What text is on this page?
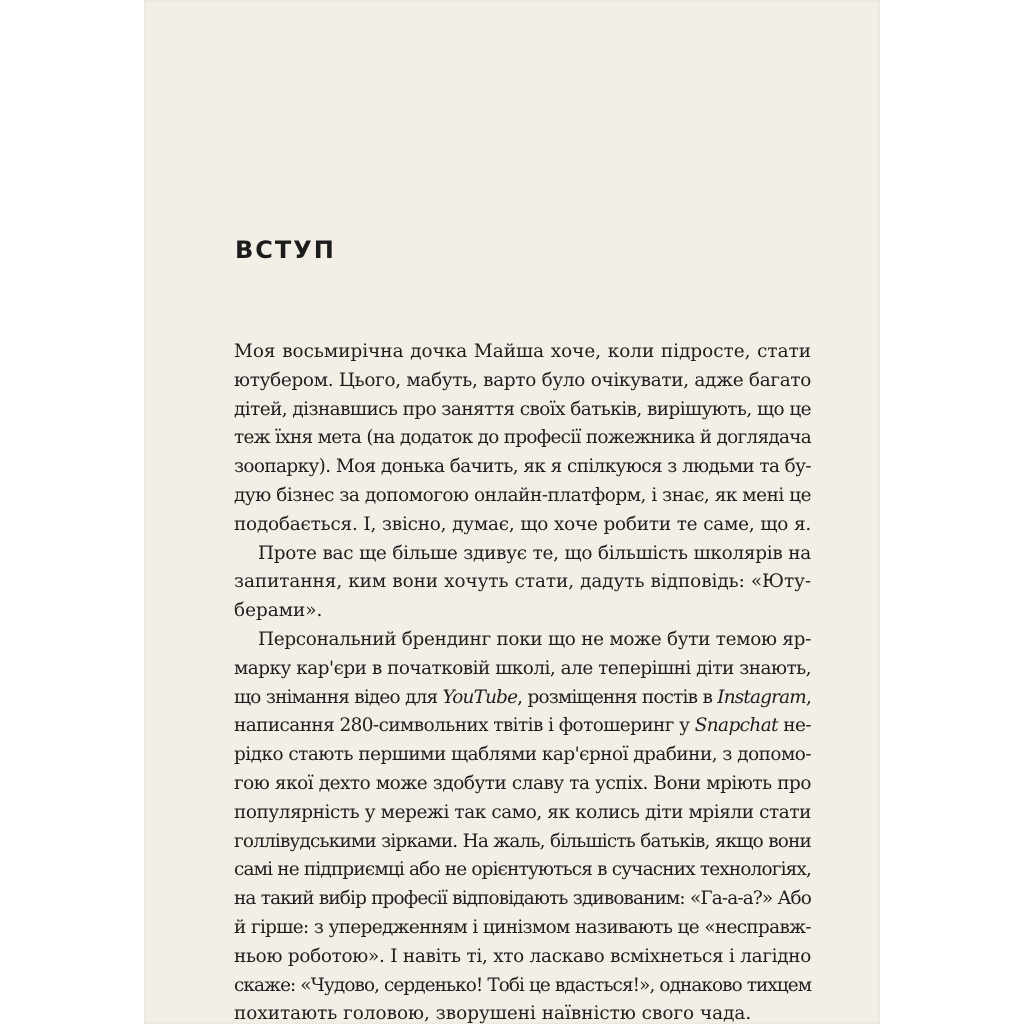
ВСТУП
Моя восьмирічна дочка Майша хоче, коли підросте, стати
ютубером. Цього, мабуть, варто було очікувати, адже багато
дітей, дізнавшись про заняття своїх батьків, вирішують, що це
теж їхня мета (на додаток до професії пожежника й доглядача
зоопарку). Моя донька бачить, як я спілкуюся з людьми та бу-
дую бізнес за допомогою онлайн-платформ, і знає, як мені це
подобається. І, звісно, думає, що хоче робити те саме, що я.
Проте вас ще більше здивує те, що більшість школярів на
запитання, ким вони хочуть стати, дадуть відповідь: «Юту-
берами».
Персональний брендинг поки що не може бути темою яр-
марку кар'єри в початковій школі, але теперішні діти знають,
що знімання відео для YouTube, розміщення постів в Instagram,
написання 280-символьних твітів і фотошеринг у Snapchat не-
рідко стають першими щаблями кар'єрної драбини, з допомо-
гою якої дехто може здобути славу та успіх. Вони мріють про
популярність у мережі так само, як колись діти мріяли стати
голлівудськими зірками. На жаль, більшість батьків, якщо вони
самі не підприємці або не орієнтуються в сучасних технологіях,
на такий вибір професії відповідають здивованим: «Га-а-а?» Або
й гірше: з упередженням і цинізмом називають це «несправж-
ньою роботою». І навіть ті, хто ласкаво всміхнеться і лагідно
скаже: «Чудово, серденько! Тобі це вдасться!», однаково тихцем
похитають головою, зворушені наївністю свого чада.
